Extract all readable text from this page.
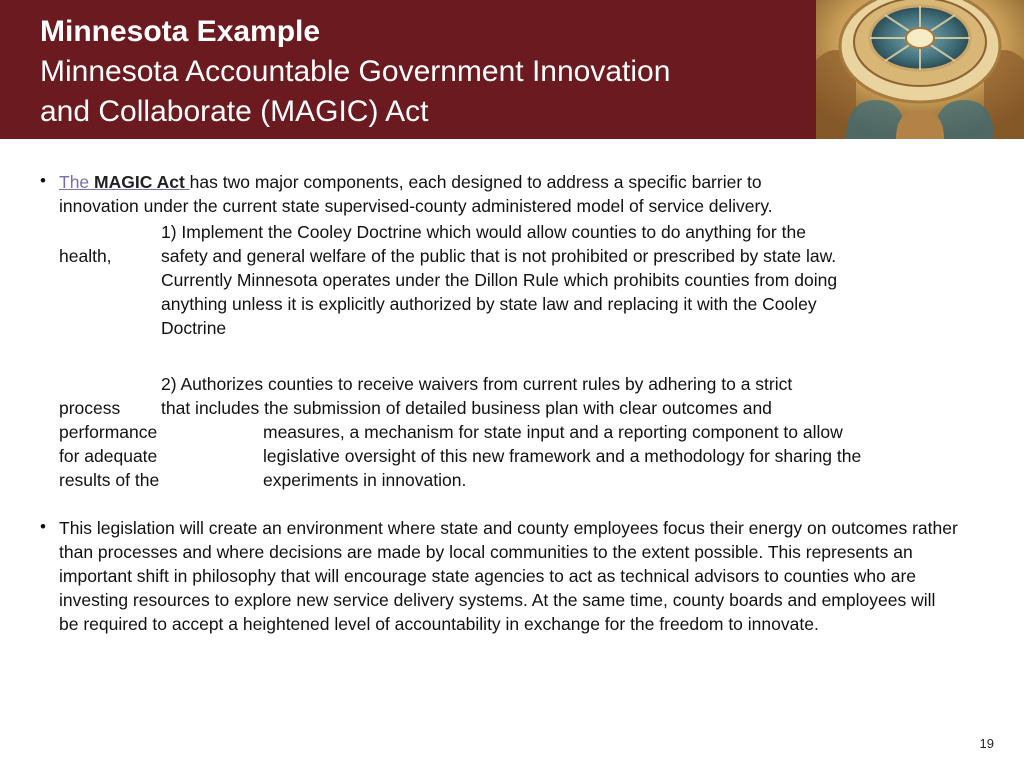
Minnesota Example
Minnesota Accountable Government Innovation
and Collaborate (MAGIC) Act
• The MAGIC Act has two major components, each designed to address a specific barrier to
innovation under the current state supervised-county administered model of service delivery.
1) Implement the Cooley Doctrine which would allow counties to do anything for the
health,	safety and general welfare of the public that is not prohibited or prescribed by state law.
Currently Minnesota operates under the Dillon Rule which prohibits counties from doing
anything unless it is explicitly authorized by state law and replacing it with the Cooley
Doctrine
2) Authorizes counties to receive waivers from current rules by adhering to a strict
process that includes the submission of detailed business plan with clear outcomes and
performance	measures, a mechanism for state input and a reporting component to allow
for adequate	legislative oversight of this new framework and a methodology for sharing the
results of the	experiments in innovation.
• This legislation will create an environment where state and county employees focus their energy on outcomes rather than processes and where decisions are made by local communities to the extent possible. This represents an important shift in philosophy that will encourage state agencies to act as technical advisors to counties who are investing resources to explore new service delivery systems. At the same time, county boards and employees will be required to accept a heightened level of accountability in exchange for the freedom to innovate.
19
